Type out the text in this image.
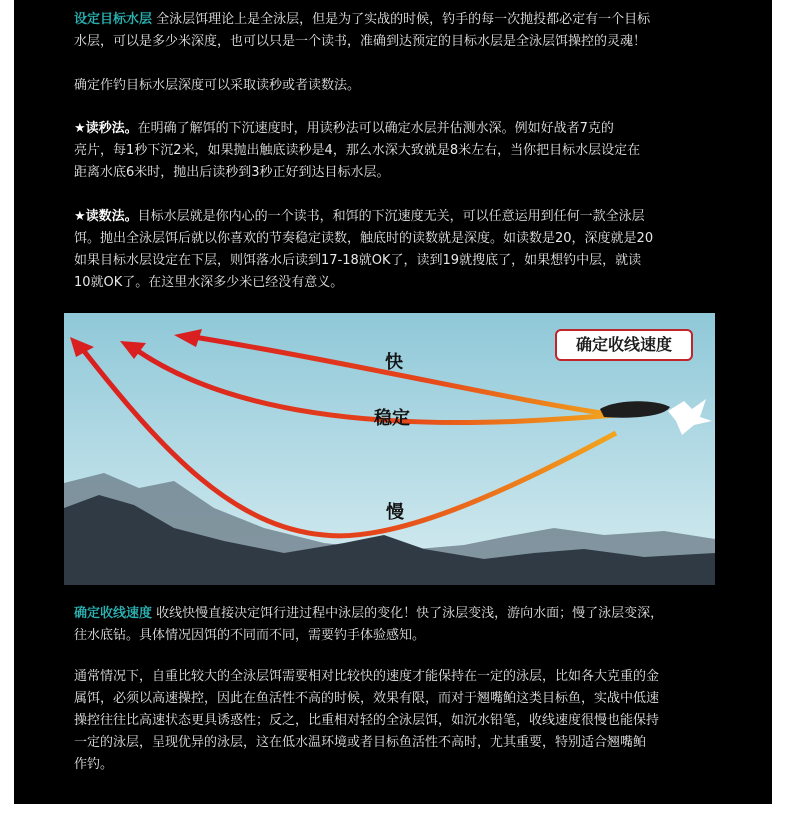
设定目标水层 全泳层饵理论上是全泳层，但是为了实战的时候，钓手的每一次抛投都必定有一个目标
水层，可以是多少米深度，也可以只是一个读书，准确到达预定的目标水层是全泳层饵操控的灵魂！
确定作钓目标水层深度可以采取读秒或者读数法。
★读秒法。在明确了解饵的下沉速度时，用读秒法可以确定水层并估测水深。例如好战者7克的
亮片，每1秒下沉2米，如果抛出触底读秒是4，那么水深大致就是8米左右，当你把目标水层设定在
距离水底6米时，抛出后读秒到3秒正好到达目标水层。
★读数法。目标水层就是你内心的一个读书，和饵的下沉速度无关，可以任意运用到任何一款全泳层
饵。抛出全泳层饵后就以你喜欢的节奏稳定读数，触底时的读数就是深度。如读数是20，深度就是20
如果目标水层设定在下层，则饵落水后读到17-18就OK了，读到19就搜底了，如果想钓中层，就读
10就OK了。在这里水深多少米已经没有意义。
快
稳定
慢
确定收线速度
确定收线速度 收线快慢直接决定饵行进过程中泳层的变化！快了泳层变浅，游向水面；慢了泳层变深，
往水底钻。具体情况因饵的不同而不同，需要钓手体验感知。
通常情况下，自重比较大的全泳层饵需要相对比较快的速度才能保持在一定的泳层，比如各大克重的金
属饵，必须以高速操控，因此在鱼活性不高的时候，效果有限，而对于翘嘴鲌这类目标鱼，实战中低速
操控往往比高速状态更具诱惑性；反之，比重相对轻的全泳层饵，如沉水铅笔，收线速度很慢也能保持
一定的泳层，呈现优异的泳层，这在低水温环境或者目标鱼活性不高时，尤其重要，特别适合翘嘴鲌
作钓。
